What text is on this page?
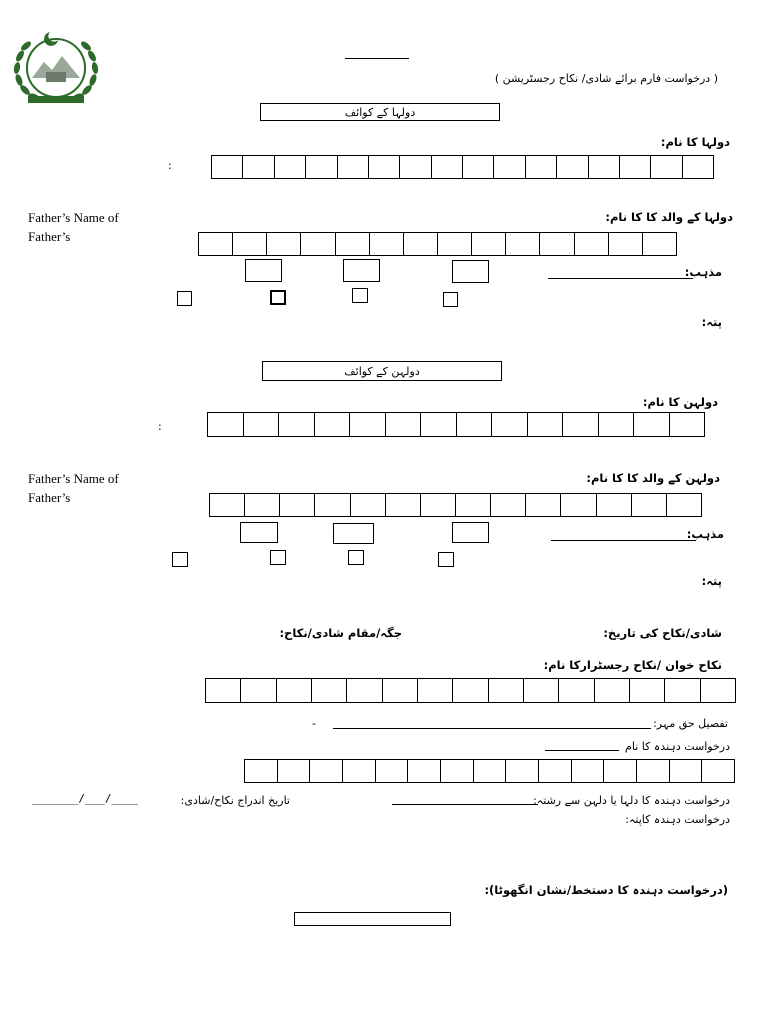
( درخواست فارم برائے شادی/ نکاح رجسٹریشن )
دولہا کے کوائف
دولہا کا نام:
:
Father’s Name of Father’s
دولہا کے والد کا کا نام:
مذہب:
پتہ:
دولہن کے کوائف
دولہن کا نام:
:
Father’s Name of Father’s
دولہن کے والد کا کا نام:
مذہب:
پتہ:
شادی/نکاح کی تاریخ:
جگہ/مقام شادی/نکاح:
نکاح خوان /نکاح رجسٹرارکا نام:
تفصیل حق مہر:
-
درخواست دہندہ کا نام
درخواست دہندہ کا دلہا یا دلہن سے رشتہ:
تاریخ اندراج نکاح/شادی:
_______/___/____
درخواست دہندہ کاپتہ:
(درخواست دہندہ کا دستخط/نشان انگھوٹا):
